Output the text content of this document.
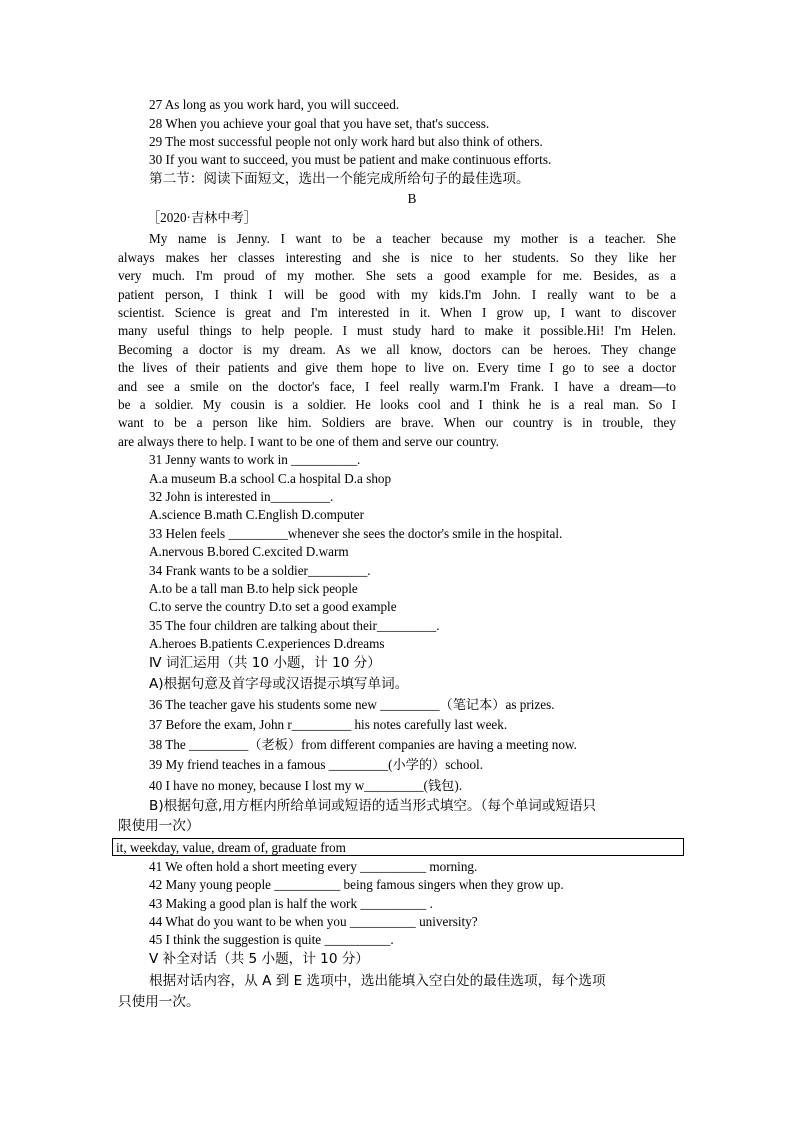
27 As long as you work hard, you will succeed.
28 When you achieve your goal that you have set, that's success.
29 The most successful people not only work hard but also think of others.
30 If you want to succeed, you must be patient and make continuous efforts.
第二节：阅读下面短文，选出一个能完成所给句子的最佳选项。
B
［2020·吉林中考］
My name is Jenny. I want to be a teacher because my mother is a teacher. She
always makes her classes interesting and she is nice to her students. So they like her
very much. I'm proud of my mother. She sets a good example for me. Besides, as a
patient person, I think I will be good with my kids.I'm John. I really want to be a
scientist. Science is great and I'm interested in it. When I grow up, I want to discover
many useful things to help people. I must study hard to make it possible.Hi! I'm Helen.
Becoming a doctor is my dream. As we all know, doctors can be heroes. They change
the lives of their patients and give them hope to live on. Every time I go to see a doctor
and see a smile on the doctor's face, I feel really warm.I'm Frank. I have a dream—to
be a soldier. My cousin is a soldier. He looks cool and I think he is a real man. So I
want to be a person like him. Soldiers are brave. When our country is in trouble, they
are always there to help. I want to be one of them and serve our country.
31 Jenny wants to work in __________.
A.a museum B.a school C.a hospital D.a shop
32 John is interested in_________.
A.science B.math C.English D.computer
33 Helen feels _________whenever she sees the doctor's smile in the hospital.
A.nervous B.bored C.excited D.warm
34 Frank wants to be a soldier_________.
A.to be a tall man B.to help sick people
C.to serve the country D.to set a good example
35 The four children are talking about their_________.
A.heroes B.patients C.experiences D.dreams
Ⅳ 词汇运用（共 10 小题，计 10 分）
A)根据句意及首字母或汉语提示填写单词。
36 The teacher gave his students some new _________（笔记本）as prizes.
37 Before the exam, John r_________ his notes carefully last week.
38 The _________（老板）from different companies are having a meeting now.
39 My friend teaches in a famous _________(小学的）school.
40 I have no money, because I lost my w_________(钱包).
B)根据句意,用方框内所给单词或短语的适当形式填空。（每个单词或短语只
限使用一次）
it, weekday, value, dream of, graduate from
41 We often hold a short meeting every __________ morning.
42 Many young people __________ being famous singers when they grow up.
43 Making a good plan is half the work __________ .
44 What do you want to be when you __________ university?
45 I think the suggestion is quite __________.
Ⅴ 补全对话（共 5 小题，计 10 分）
根据对话内容，从 A 到 E 选项中，选出能填入空白处的最佳选项，每个选项
只使用一次。
